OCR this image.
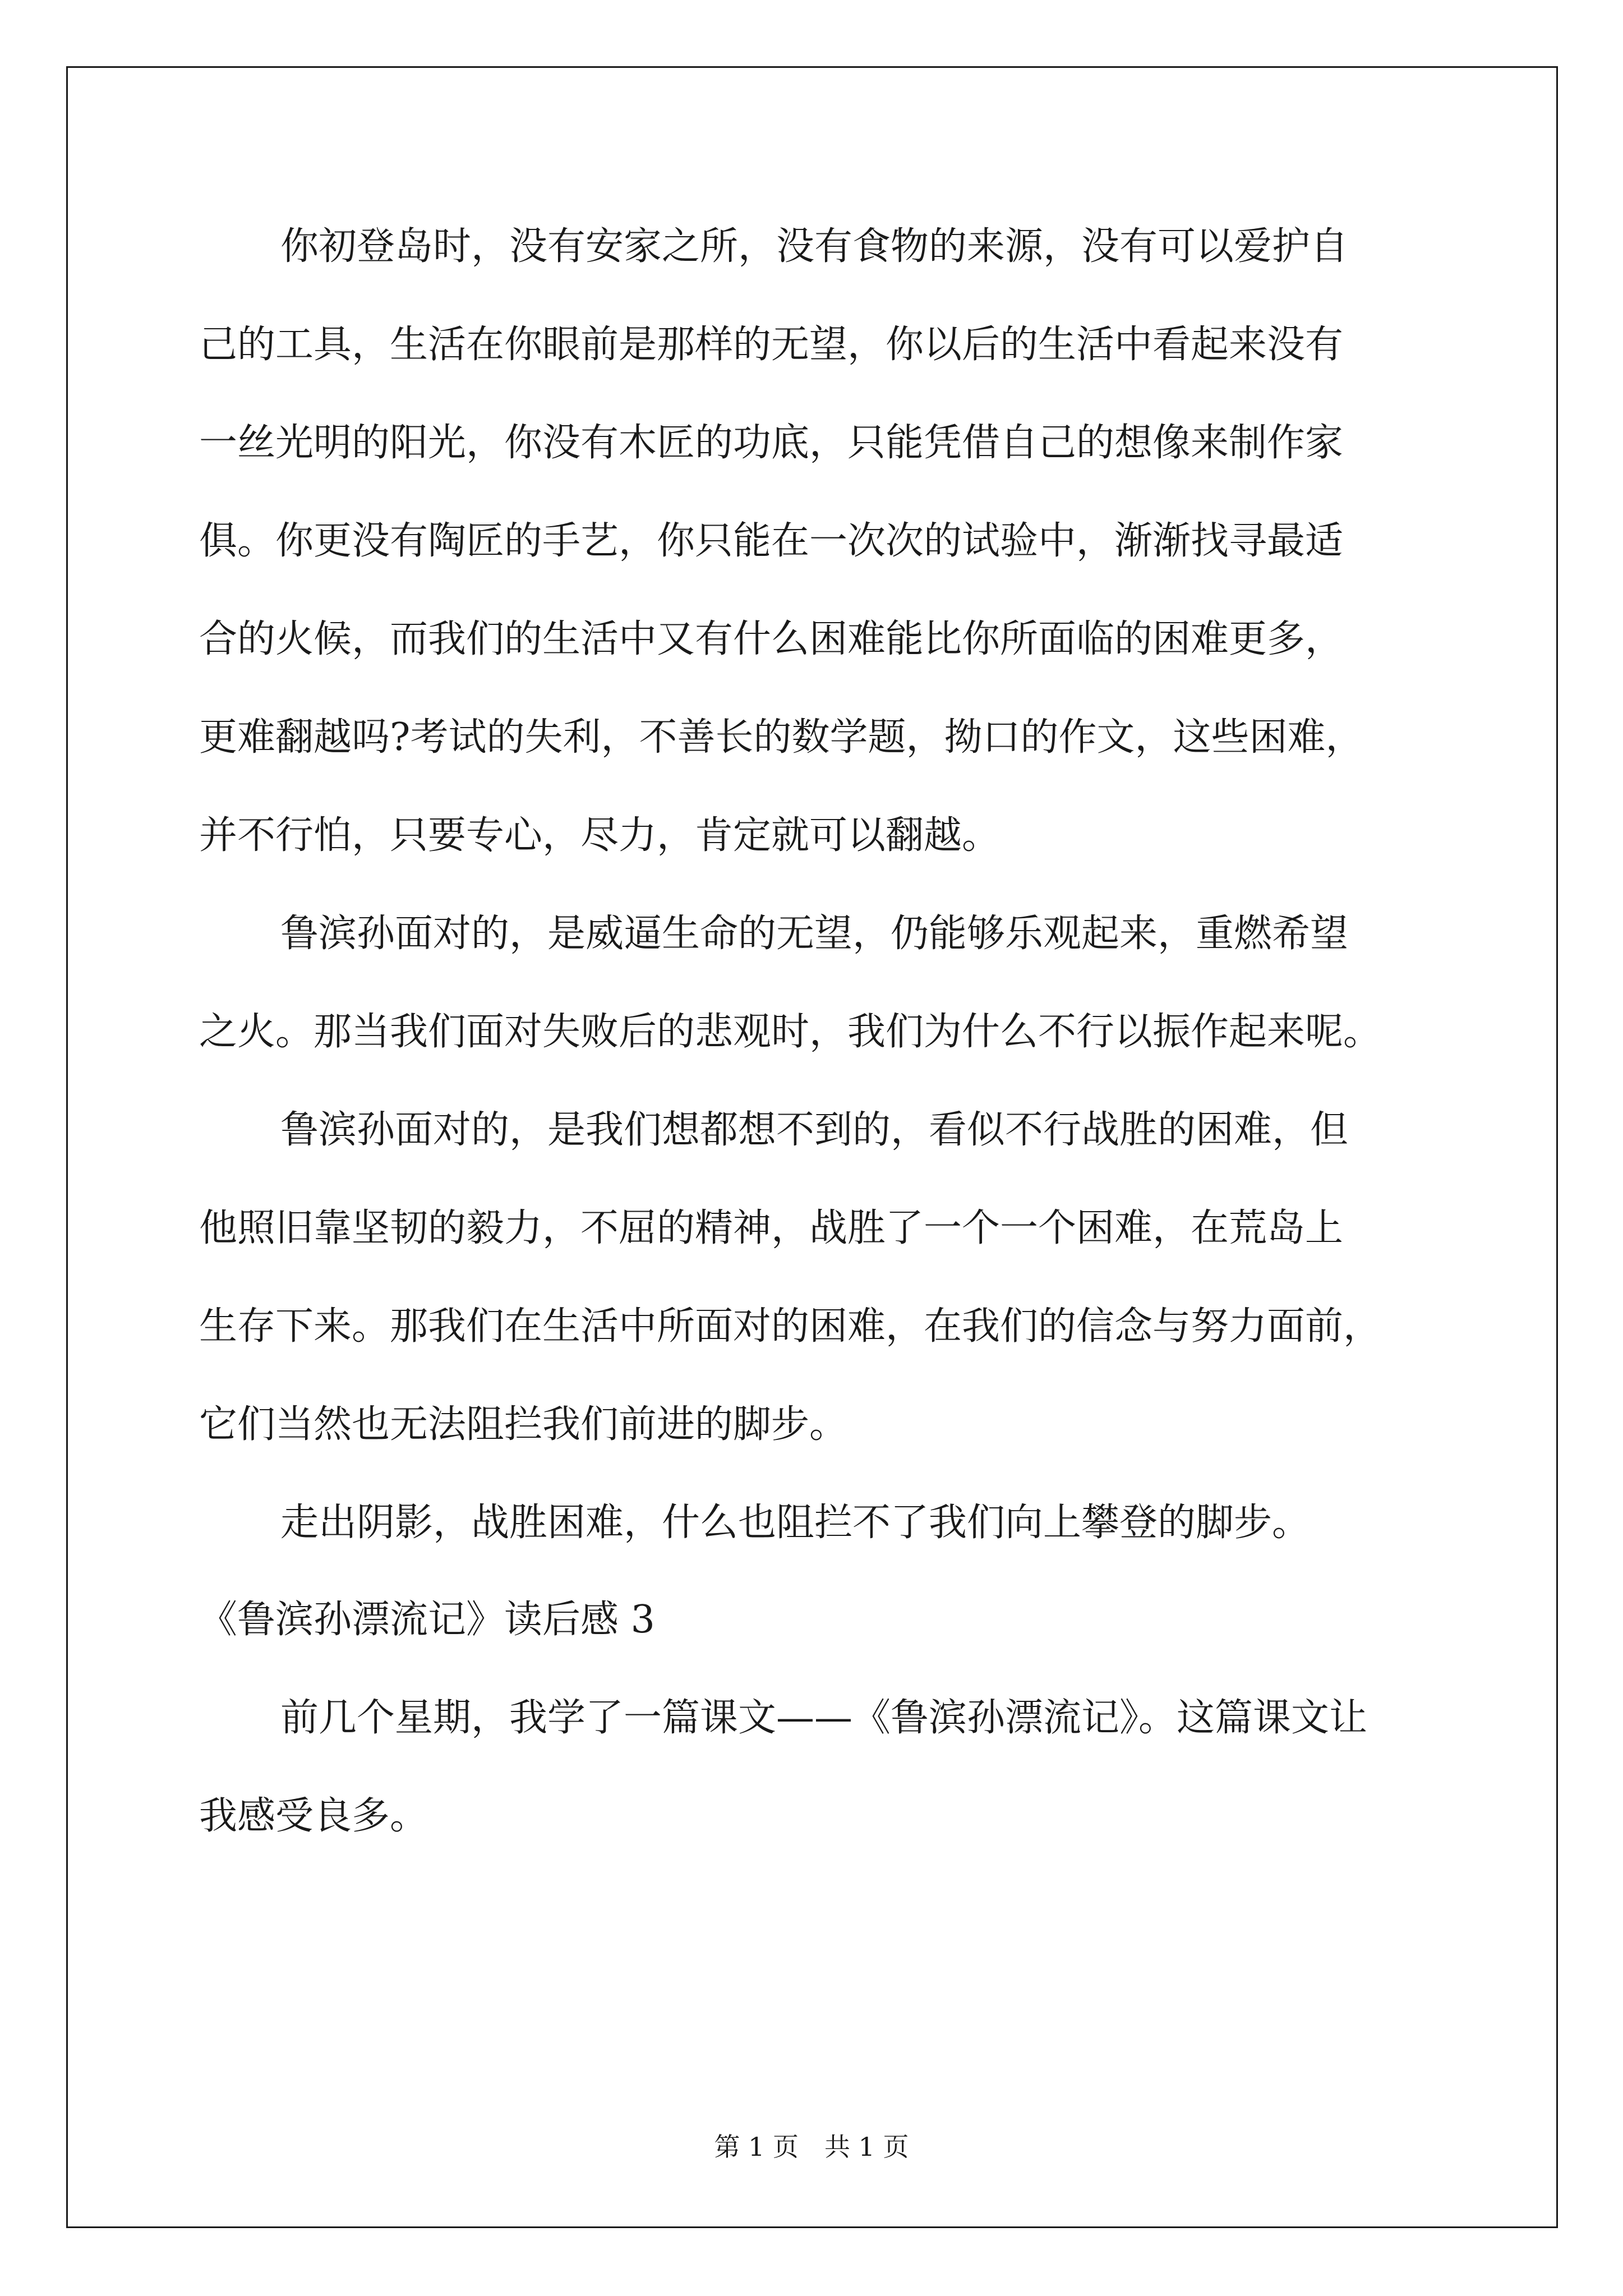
你初登岛时，没有安家之所，没有食物的来源，没有可以爱护自
己的工具，生活在你眼前是那样的无望，你以后的生活中看起来没有
一丝光明的阳光，你没有木匠的功底，只能凭借自己的想像来制作家
俱。你更没有陶匠的手艺，你只能在一次次的试验中，渐渐找寻最适
合的火候，而我们的生活中又有什么困难能比你所面临的困难更多，
更难翻越吗?考试的失利，不善长的数学题，拗口的作文，这些困难，
并不行怕，只要专心，尽力，肯定就可以翻越。
鲁滨孙面对的，是威逼生命的无望，仍能够乐观起来，重燃希望
之火。那当我们面对失败后的悲观时，我们为什么不行以振作起来呢。
鲁滨孙面对的，是我们想都想不到的，看似不行战胜的困难，但
他照旧靠坚韧的毅力，不屈的精神，战胜了一个一个困难，在荒岛上
生存下来。那我们在生活中所面对的困难，在我们的信念与努力面前，
它们当然也无法阻拦我们前进的脚步。
走出阴影，战胜困难，什么也阻拦不了我们向上攀登的脚步。
《鲁滨孙漂流记》读后感 3
前几个星期，我学了一篇课文——《鲁滨孙漂流记》。这篇课文让
我感受良多。
第 1 页　共 1 页
